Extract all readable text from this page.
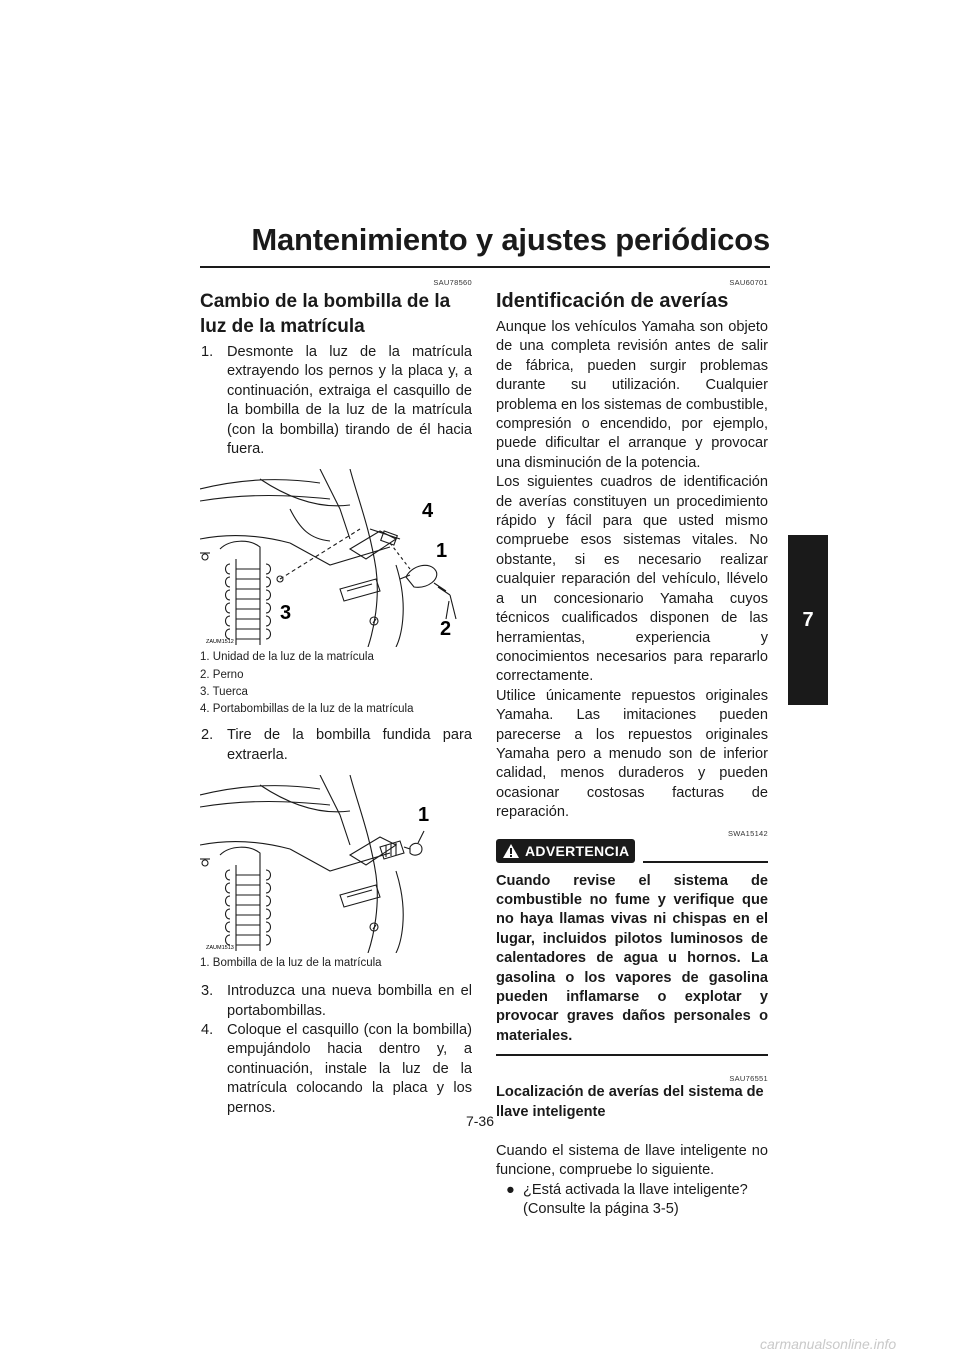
Mantenimiento y ajustes periódicos
7
SAU78560
Cambio de la bombilla de la luz de la matrícula

1. Desmonte la luz de la matrícula extrayendo los pernos y la placa y, a continuación, extraiga el casquillo de la bombilla de la luz de la matrícula (con la bombilla) tirando de él hacia fuera.

4
1
3
2
ZAUM1512

1. Unidad de la luz de la matrícula

2. Perno

3. Tuerca

4. Portabombillas de la luz de la matrícula

2. Tire de la bombilla fundida para extraerla.

1
ZAUM1513

1. Bombilla de la luz de la matrícula

3. Introduzca una nueva bombilla en el portabombillas.

4. Coloque el casquillo (con la bombilla) empujándolo hacia dentro y, a continuación, instale la luz de la matrícula colocando la placa y los pernos.

SAU60701
Identificación de averías

Aunque los vehículos Yamaha son objeto de una completa revisión antes de salir de fábrica, pueden surgir problemas durante su utilización. Cualquier problema en los sistemas de combustible, compresión o encendido, por ejemplo, puede dificultar el arranque y provocar una disminución de la potencia.

Los siguientes cuadros de identificación de averías constituyen un procedimiento rápido y fácil para que usted mismo compruebe esos sistemas vitales. No obstante, si es necesario realizar cualquier reparación del vehículo, llévelo a un concesionario Yamaha cuyos técnicos cualificados disponen de las herramientas, experiencia y conocimientos necesarios para repararlo correctamente.

Utilice únicamente repuestos originales Yamaha. Las imitaciones pueden parecerse a los repuestos originales Yamaha pero a menudo son de inferior calidad, menos duraderos y pueden ocasionar costosas facturas de reparación.

SWA15142
ADVERTENCIA

Cuando revise el sistema de combustible no fume y verifique que no haya llamas vivas ni chispas en el lugar, incluidos pilotos luminosos de calentadores de agua u hornos. La gasolina o los vapores de gasolina pueden inflamarse o explotar y provocar graves daños personales o materiales.

SAU76551
Localización de averías del sistema de llave inteligente

Cuando el sistema de llave inteligente no funcione, compruebe lo siguiente.

● ¿Está activada la llave inteligente? (Consulte la página 3-5)

7-36
carmanualsonline.info
